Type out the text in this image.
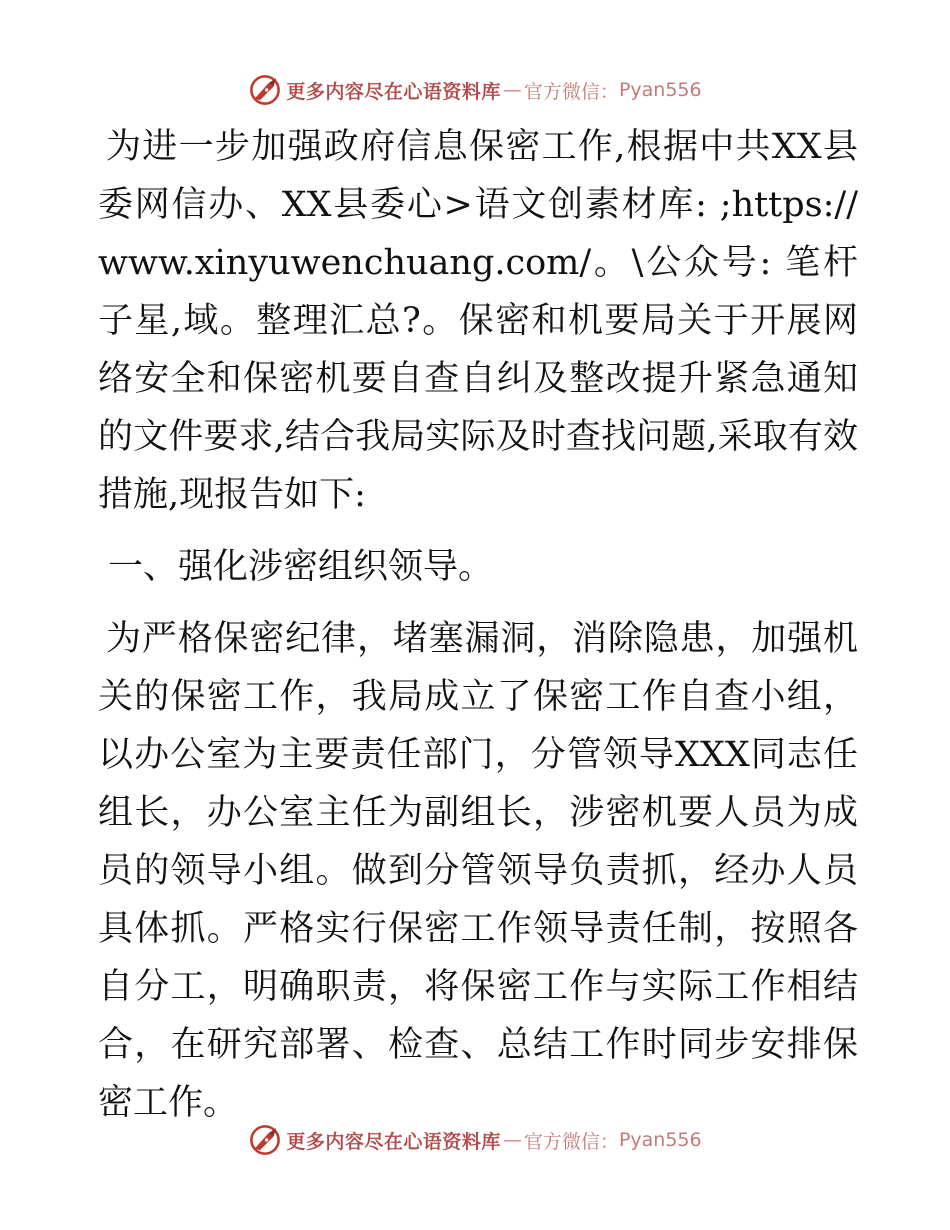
更多内容尽在心语资料库 — 官方微信： Pyan556

为进一步加强政府信息保密工作,根据中共XX县委网信办、XX县委心>语文创素材库: ;https://www.xinyuwenchuang.com/。\公众号: 笔杆子星,域。整理汇总?。保密和机要局关于开展网络安全和保密机要自查自纠及整改提升紧急通知的文件要求,结合我局实际及时查找问题,采取有效措施,现报告如下:

一、强化涉密组织领导。

为严格保密纪律，堵塞漏洞，消除隐患，加强机关的保密工作，我局成立了保密工作自查小组，以办公室为主要责任部门，分管领导XXX同志任组长，办公室主任为副组长，涉密机要人员为成员的领导小组。做到分管领导负责抓，经办人员具体抓。严格实行保密工作领导责任制，按照各自分工，明确职责，将保密工作与实际工作相结合，在研究部署、检查、总结工作时同步安排保密工作。

更多内容尽在心语资料库 — 官方微信： Pyan556
